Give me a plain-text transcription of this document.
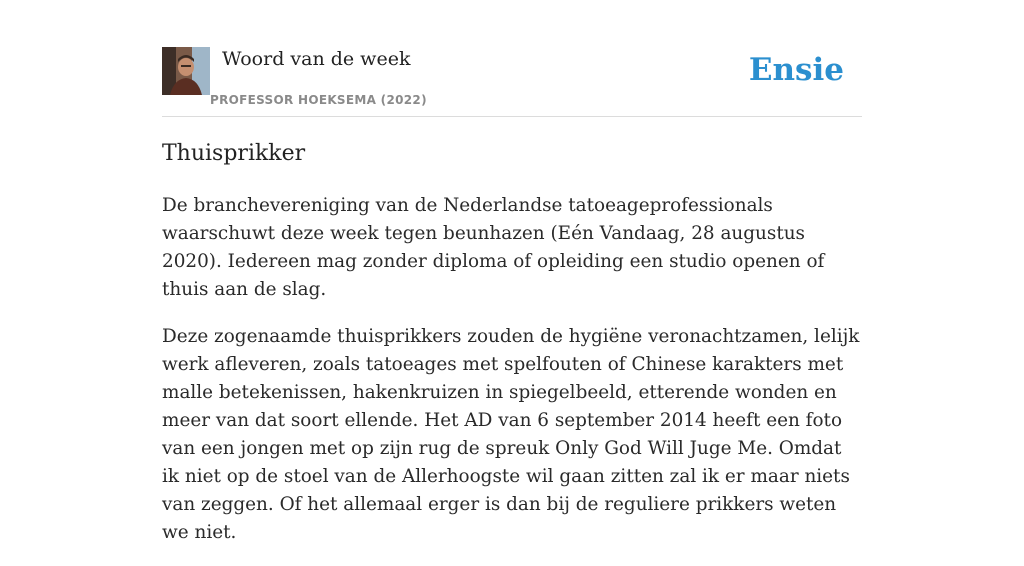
Woord van de week
PROFESSOR HOEKSEMA (2022)
Ensie
Thuisprikker

De branchevereniging van de Nederlandse tatoeageprofessionals waarschuwt deze week tegen beunhazen (Eén Vandaag, 28 augustus 2020). Iedereen mag zonder diploma of opleiding een studio openen of thuis aan de slag.

Deze zogenaamde thuisprikkers zouden de hygiëne veronachtzamen, lelijk werk afleveren, zoals tatoeages met spelfouten of Chinese karakters met malle betekenissen, hakenkruizen in spiegelbeeld, etterende wonden en meer van dat soort ellende. Het AD van 6 september 2014 heeft een foto van een jongen met op zijn rug de spreuk Only God Will Juge Me. Omdat ik niet op de stoel van de Allerhoogste wil gaan zitten zal ik er maar niets van zeggen. Of het allemaal erger is dan bij de reguliere prikkers weten we niet.
